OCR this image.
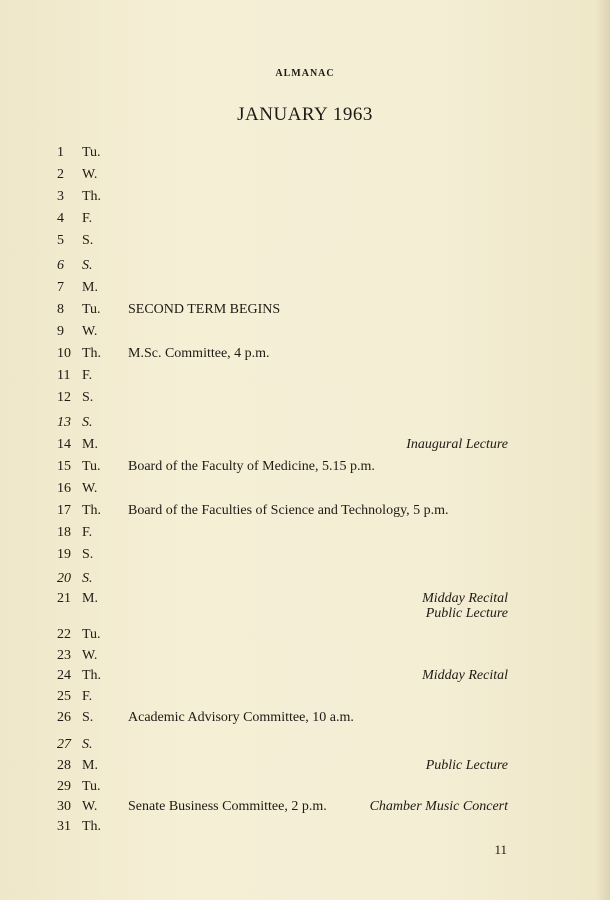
ALMANAC
JANUARY 1963
1	Tu.
2	W.
3	Th.
4	F.
5	S.
6	S.
7	M.
8	Tu. SECOND TERM BEGINS
9	W.
10 Th. M.Sc. Committee, 4 p.m.
11 F.
12 S.
13 S.
14 M.	Inaugural Lecture
15 Tu. Board of the Faculty of Medicine, 5.15 p.m.
16 W.
17 Th. Board of the Faculties of Science and Technology, 5 p.m.
18 F.
19 S.
20 S.
21 M.	Midday Recital
Public Lecture
22 Tu.
23 W.
24 Th.	Midday Recital
25 F.
26 S. Academic Advisory Committee, 10 a.m.
27 S.
28 M.	Public Lecture
29 Tu.
30 W. Senate Business Committee, 2 p.m.	Chamber Music Concert
31 Th.
11
